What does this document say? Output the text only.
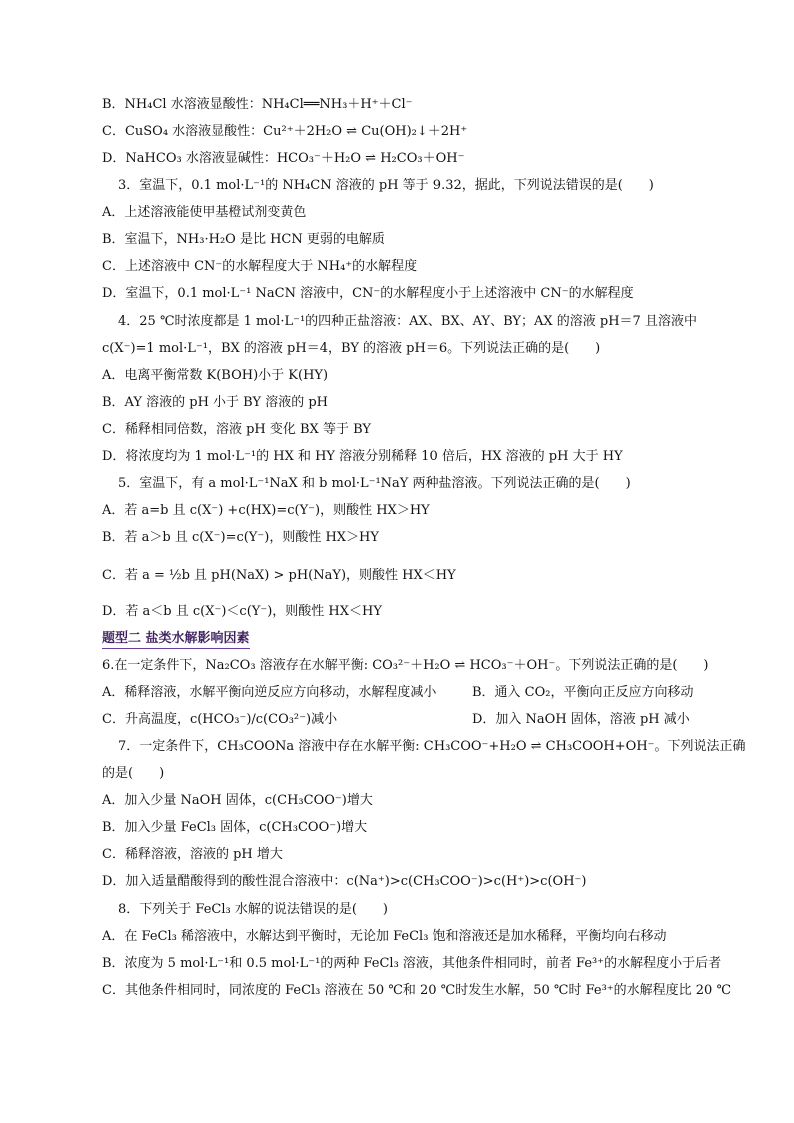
题型二 盐类水解影响因素
A．稀释溶液，水解平衡向逆反应方向移动，水解程度减小	B．通入 CO₂，平衡向正反应方向移动
C．升高温度，c(HCO₃⁻)/c(CO₃²⁻)减小	D．加入 NaOH 固体，溶液 pH 减小
B．NH₄Cl 水溶液显酸性：NH₄Cl══NH₃＋H⁺＋Cl⁻
C．CuSO₄ 水溶液显酸性：Cu²⁺＋2H₂O ⇌ Cu(OH)₂↓＋2H⁺
D．NaHCO₃ 水溶液显碱性：HCO₃⁻＋H₂O ⇌ H₂CO₃＋OH⁻
3．室温下，0.1 mol·L⁻¹的 NH₄CN 溶液的 pH 等于 9.32，据此，下列说法错误的是(　　)
A．上述溶液能使甲基橙试剂变黄色
B．室温下，NH₃·H₂O 是比 HCN 更弱的电解质
C．上述溶液中 CN⁻的水解程度大于 NH₄⁺的水解程度
D．室温下，0.1 mol·L⁻¹ NaCN 溶液中，CN⁻的水解程度小于上述溶液中 CN⁻的水解程度
4．25 ℃时浓度都是 1 mol·L⁻¹的四种正盐溶液：AX、BX、AY、BY；AX 的溶液 pH＝7 且溶液中
c(X⁻)=1 mol·L⁻¹，BX 的溶液 pH＝4，BY 的溶液 pH＝6。下列说法正确的是(　　)
A．电离平衡常数 K(BOH)小于 K(HY)
B．AY 溶液的 pH 小于 BY 溶液的 pH
C．稀释相同倍数，溶液 pH 变化 BX 等于 BY
D．将浓度均为 1 mol·L⁻¹的 HX 和 HY 溶液分别稀释 10 倍后，HX 溶液的 pH 大于 HY
5．室温下，有 a mol·L⁻¹NaX 和 b mol·L⁻¹NaY 两种盐溶液。下列说法正确的是(　　)
A．若 a=b 且 c(X⁻) +c(HX)=c(Y⁻)，则酸性 HX＞HY
B．若 a＞b 且 c(X⁻)=c(Y⁻)，则酸性 HX＞HY
C．若 a = ½b 且 pH(NaX) > pH(NaY)，则酸性 HX＜HY
D．若 a＜b 且 c(X⁻)＜c(Y⁻)，则酸性 HX＜HY
6.在一定条件下，Na₂CO₃ 溶液存在水解平衡: CO₃²⁻＋H₂O ⇌ HCO₃⁻＋OH⁻。下列说法正确的是(　　)
7．一定条件下，CH₃COONa 溶液中存在水解平衡: CH₃COO⁻+H₂O ⇌ CH₃COOH+OH⁻。下列说法正确
的是(　　)
A．加入少量 NaOH 固体，c(CH₃COO⁻)增大
B．加入少量 FeCl₃ 固体，c(CH₃COO⁻)增大
C．稀释溶液，溶液的 pH 增大
D．加入适量醋酸得到的酸性混合溶液中：c(Na⁺)>c(CH₃COO⁻)>c(H⁺)>c(OH⁻)
8．下列关于 FeCl₃ 水解的说法错误的是(　　)
A．在 FeCl₃ 稀溶液中，水解达到平衡时，无论加 FeCl₃ 饱和溶液还是加水稀释，平衡均向右移动
B．浓度为 5 mol·L⁻¹和 0.5 mol·L⁻¹的两种 FeCl₃ 溶液，其他条件相同时，前者 Fe³⁺的水解程度小于后者
C．其他条件相同时，同浓度的 FeCl₃ 溶液在 50 ℃和 20 ℃时发生水解，50 ℃时 Fe³⁺的水解程度比 20 ℃
